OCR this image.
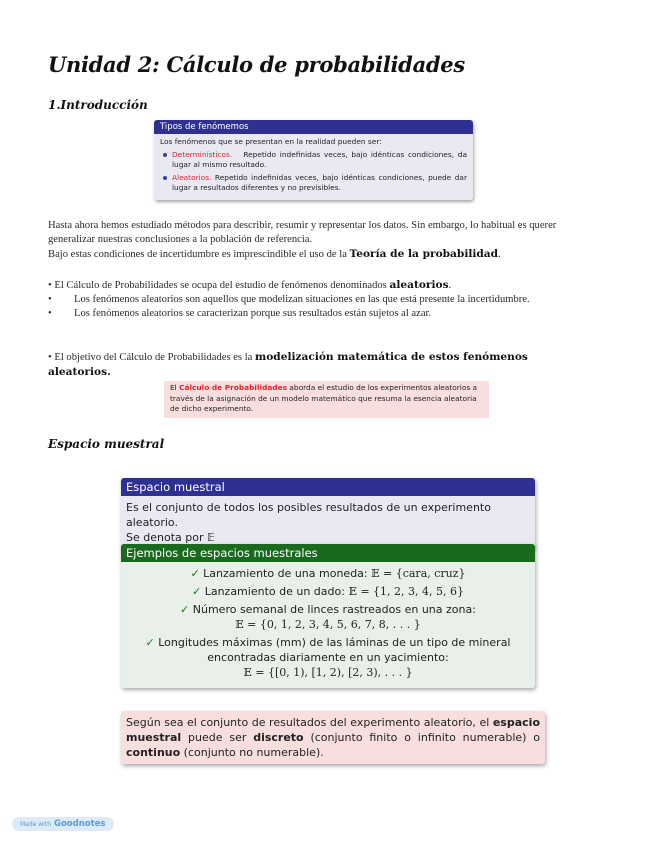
Unidad 2: Cálculo de probabilidades
1.Introducción
Tipos de fenómemos
Los fenómenos que se presentan en la realidad pueden ser:
Determinísticos. Repetido indefinidas veces, bajo idénticas condiciones, da lugar al mismo resultado.
Aleatorios. Repetido indefinidas veces, bajo idénticas condiciones, puede dar lugar a resultados diferentes y no previsibles.
Hasta ahora hemos estudiado métodos para describir, resumir y representar los datos. Sin embargo, lo habitual es querer generalizar nuestras conclusiones a la población de referencia.
Bajo estas condiciones de incertidumbre es imprescindible el uso de la Teoría de la probabilidad.
• El Cálculo de Probabilidades se ocupa del estudio de fenómenos denominados aleatorios.
• Los fenómenos aleatorios son aquellos que modelizan situaciones en las que está presente la incertidumbre.
• Los fenómenos aleatorios se caracterizan porque sus resultados están sujetos al azar.
• El objetivo del Cálculo de Probabilidades es la modelización matemática de estos fenómenos aleatorios.
El Cálculo de Probabilidades aborda el estudio de los experimentos aleatorios a través de la asignación de un modelo matemático que resuma la esencia aleatoria de dicho experimento.
Espacio muestral
Espacio muestral
Es el conjunto de todos los posibles resultados de un experimento aleatorio.
Se denota por 𝔼
Ejemplos de espacios muestrales
✓ Lanzamiento de una moneda: 𝔼 = {cara, cruz}
✓ Lanzamiento de un dado: 𝔼 = {1, 2, 3, 4, 5, 6}
✓ Número semanal de linces rastreados en una zona:
𝔼 = {0, 1, 2, 3, 4, 5, 6, 7, 8, . . . }
✓ Longitudes máximas (mm) de las láminas de un tipo de mineral encontradas diariamente en un yacimiento:
𝔼 = {[0, 1), [1, 2), [2, 3), . . . }
Según sea el conjunto de resultados del experimento aleatorio, el espacio muestral puede ser discreto (conjunto finito o infinito numerable) o continuo (conjunto no numerable).
Made with Goodnotes
